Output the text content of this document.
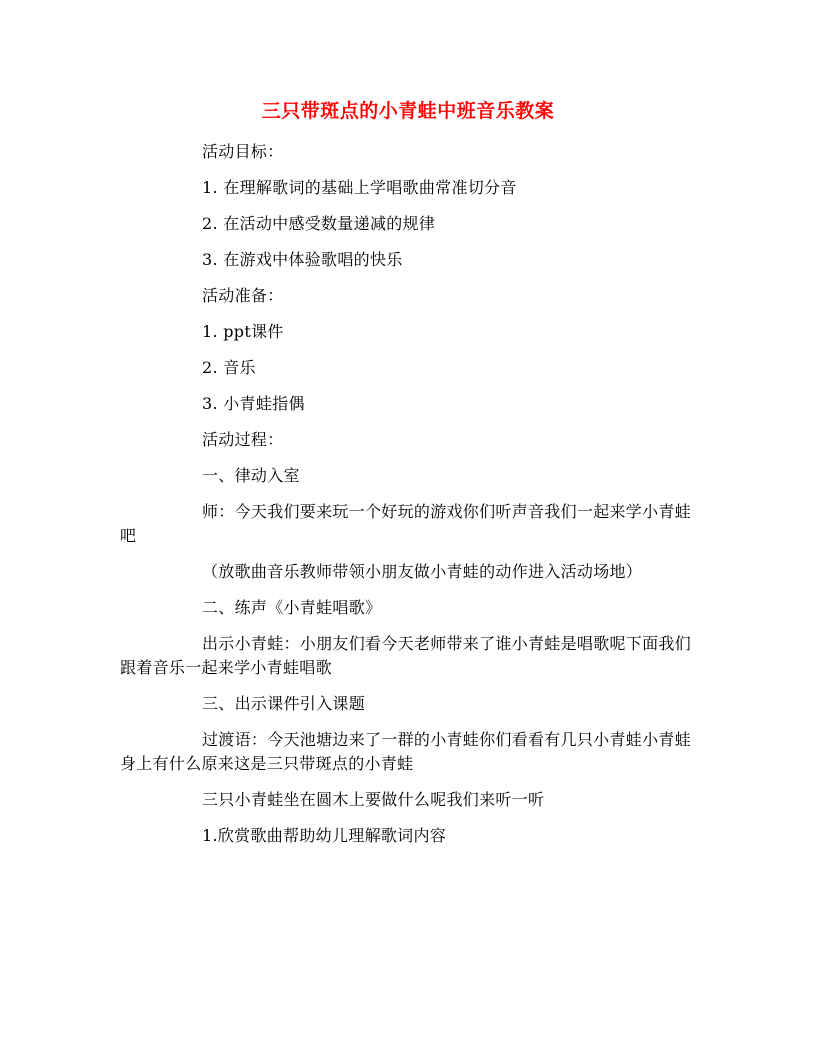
三只带斑点的小青蛙中班音乐教案
活动目标：
1. 在理解歌词的基础上学唱歌曲常准切分音
2. 在活动中感受数量递减的规律
3. 在游戏中体验歌唱的快乐
活动准备：
1. ppt课件
2. 音乐
3. 小青蛙指偶
活动过程：
一、律动入室
师：今天我们要来玩一个好玩的游戏你们听声音我们一起来学小青蛙吧
（放歌曲音乐教师带领小朋友做小青蛙的动作进入活动场地）
二、练声《小青蛙唱歌》
出示小青蛙：小朋友们看今天老师带来了谁小青蛙是唱歌呢下面我们跟着音乐一起来学小青蛙唱歌
三、出示课件引入课题
过渡语：今天池塘边来了一群的小青蛙你们看看有几只小青蛙小青蛙身上有什么原来这是三只带斑点的小青蛙
三只小青蛙坐在圆木上要做什么呢我们来听一听
1.欣赏歌曲帮助幼儿理解歌词内容
